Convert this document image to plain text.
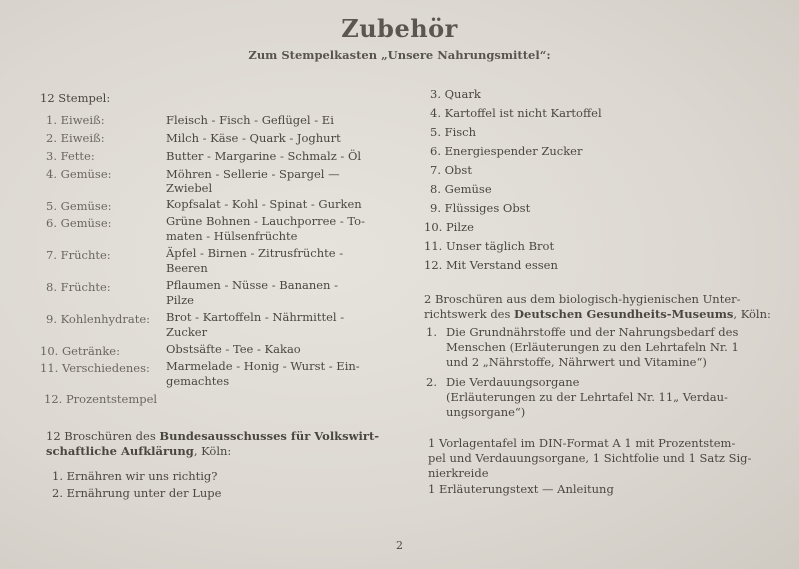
Zubehör
Zum Stempelkasten „Unsere Nahrungsmittel“:
12 Stempel:
1. Eiweiß:	Fleisch - Fisch - Geflügel - Ei
2. Eiweiß:	Milch - Käse - Quark - Joghurt
3. Fette:	Butter - Margarine - Schmalz - Öl
4. Gemüse:	Möhren - Sellerie - Spargel —
Zwiebel
5. Gemüse:	Kopfsalat - Kohl - Spinat - Gurken
6. Gemüse:	Grüne Bohnen - Lauchporree - To-
maten - Hülsenfrüchte
7. Früchte:	Äpfel - Birnen - Zitrusfrüchte -
Beeren
8. Früchte:	Pflaumen - Nüsse - Bananen -
Pilze
9. Kohlenhydrate: Brot - Kartoffeln - Nährmittel -
Zucker
10. Getränke:	Obstsäfte - Tee - Kakao
11. Verschiedenes: Marmelade - Honig - Wurst - Ein-
gemachtes
12. Prozentstempel
12 Broschüren des Bundesausschusses für Volkswirt-
schaftliche Aufklärung, Köln:
1. Ernähren wir uns richtig?
2. Ernährung unter der Lupe
3. Quark
4. Kartoffel ist nicht Kartoffel
5. Fisch
6. Energiespender Zucker
7. Obst
8. Gemüse
9. Flüssiges Obst
10. Pilze
11. Unser täglich Brot
12. Mit Verstand essen
2 Broschüren aus dem biologisch-hygienischen Unter-
richtswerk des Deutschen Gesundheits-Museums, Köln:
1. Die Grundnährstoffe und der Nahrungsbedarf des
Menschen (Erläuterungen zu den Lehrtafeln Nr. 1
und 2 „Nährstoffe, Nährwert und Vitamine“)
2. Die Verdauungsorgane
(Erläuterungen zu der Lehrtafel Nr. 11„ Verdau-
ungsorgane“)
1 Vorlagentafel im DIN-Format A 1 mit Prozentstem-
pel und Verdauungsorgane, 1 Sichtfolie und 1 Satz Sig-
nierkreide
1 Erläuterungstext — Anleitung
2
